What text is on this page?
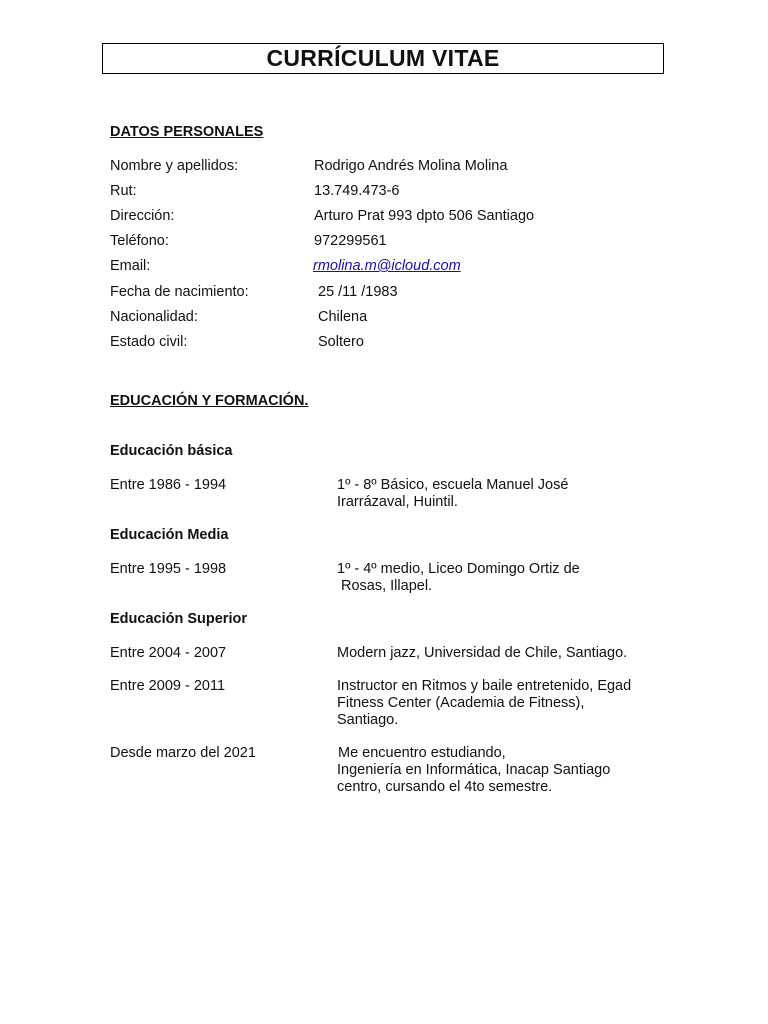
CURRÍCULUM VITAE
DATOS PERSONALES
Nombre y apellidos:	Rodrigo Andrés Molina Molina
Rut:	13.749.473-6
Dirección:	Arturo Prat 993 dpto 506 Santiago
Teléfono:	972299561
Email:	rmolina.m@icloud.com
Fecha de nacimiento:	25 /11 /1983
Nacionalidad:	Chilena
Estado civil:	Soltero
EDUCACIÓN Y FORMACIÓN.
Educación básica
Entre 1986 - 1994	1º - 8º Básico, escuela Manuel José
Irarrázaval, Huintil.
Educación Media
Entre 1995 - 1998	1º - 4º medio, Liceo Domingo Ortiz de
Rosas, Illapel.
Educación Superior
Entre 2004 - 2007	Modern jazz, Universidad de Chile, Santiago.
Entre 2009 - 2011	Instructor en Ritmos y baile entretenido, Egad
Fitness Center (Academia de Fitness),
Santiago.
Desde marzo del 2021	Me encuentro estudiando,
Ingeniería en Informática, Inacap Santiago
centro, cursando el 4to semestre.
